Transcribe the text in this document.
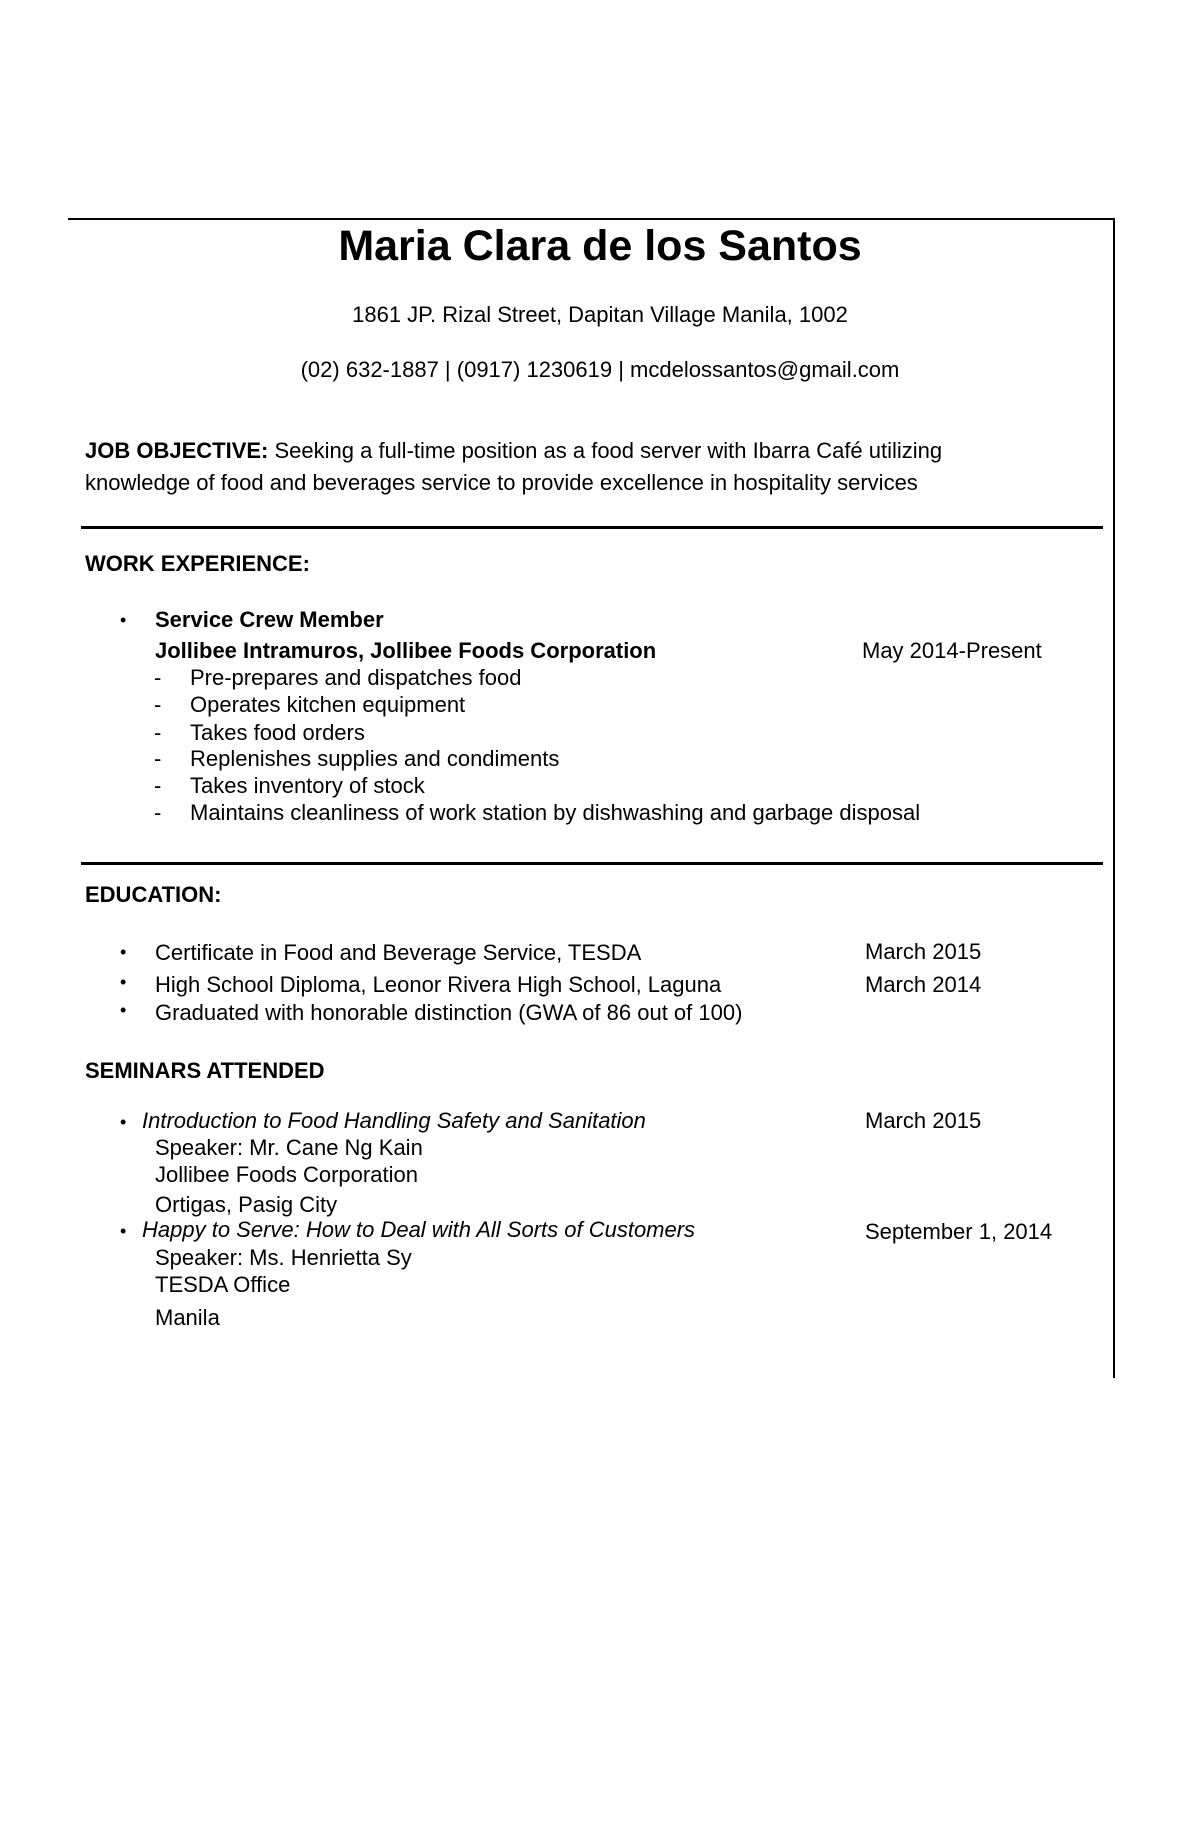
Maria Clara de los Santos
1861 JP. Rizal Street, Dapitan Village Manila, 1002
(02) 632-1887 | (0917) 1230619 | mcdelossantos@gmail.com
JOB OBJECTIVE: Seeking a full-time position as a food server with Ibarra Café utilizing
knowledge of food and beverages service to provide excellence in hospitality services
WORK EXPERIENCE:
• Service Crew Member
Jollibee Intramuros, Jollibee Foods Corporation	May 2014-Present
- Pre-prepares and dispatches food
- Operates kitchen equipment
- Takes food orders
- Replenishes supplies and condiments
- Takes inventory of stock
- Maintains cleanliness of work station by dishwashing and garbage disposal
EDUCATION:
• Certificate in Food and Beverage Service, TESDA	March 2015
• High School Diploma, Leonor Rivera High School, Laguna	March 2014
• Graduated with honorable distinction (GWA of 86 out of 100)
SEMINARS ATTENDED
• Introduction to Food Handling Safety and Sanitation	March 2015
Speaker: Mr. Cane Ng Kain
Jollibee Foods Corporation
Ortigas, Pasig City
• Happy to Serve: How to Deal with All Sorts of Customers	September 1, 2014
Speaker: Ms. Henrietta Sy
TESDA Office
Manila
